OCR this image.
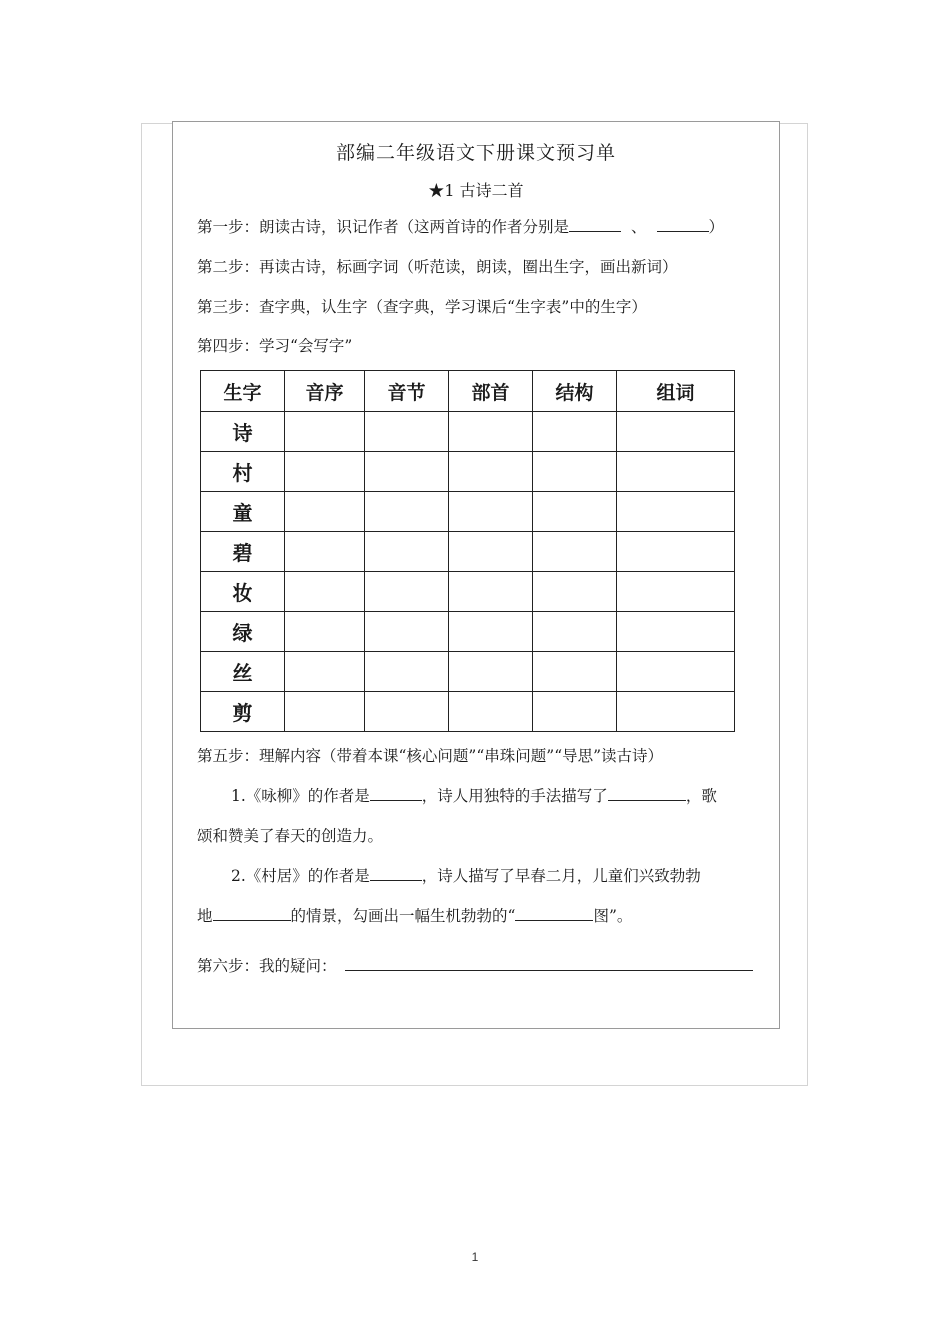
部编二年级语文下册课文预习单
★1 古诗二首
第一步：朗读古诗，识记作者（这两首诗的作者分别是	、	）
第二步：再读古诗，标画字词（听范读，朗读，圈出生字，画出新词）
第三步：查字典，认生字（查字典，学习课后“生字表”中的生字）
第四步：学习“会写字”
生字	音序	音节	部首	结构	组词
诗					
村					
童					
碧					
妆					
绿					
丝					
剪					
第五步：理解内容（带着本课“核心问题”“串珠问题”“导思”读古诗）
1.《咏柳》的作者是	，诗人用独特的手法描写了	，歌
颂和赞美了春天的创造力。
2.《村居》的作者是	，诗人描写了早春二月，儿童们兴致勃勃
地	的情景，勾画出一幅生机勃勃的“	图”。
第六步：我的疑问：
1
